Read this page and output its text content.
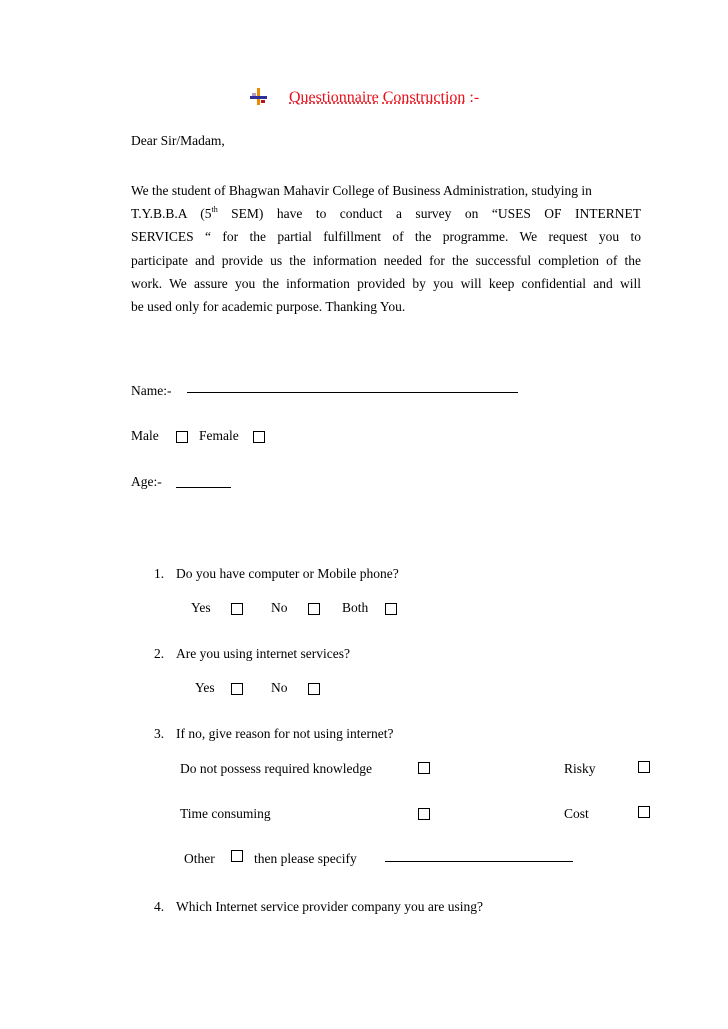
Questionnaire Construction :-
Dear Sir/Madam,

We the student of Bhagwan Mahavir College of Business Administration, studying in

T.Y.B.B.A (5th SEM) have to conduct a survey on “USES OF INTERNET

SERVICES “ for the partial fulfillment of the programme. We request you to

participate and provide us the information needed for the successful completion of the

work. We assure you the information provided by you will keep confidential and will

be used only for academic purpose. Thanking You.

Name:-
Male	Female
Age:-
1. Do you have computer or Mobile phone?
Yes	No	Both
2. Are you using internet services?
Yes	No
3. If no, give reason for not using internet?
Do not possess required knowledge	Risky
Time consuming	Cost
Other	then please specify
4. Which Internet service provider company you are using?
